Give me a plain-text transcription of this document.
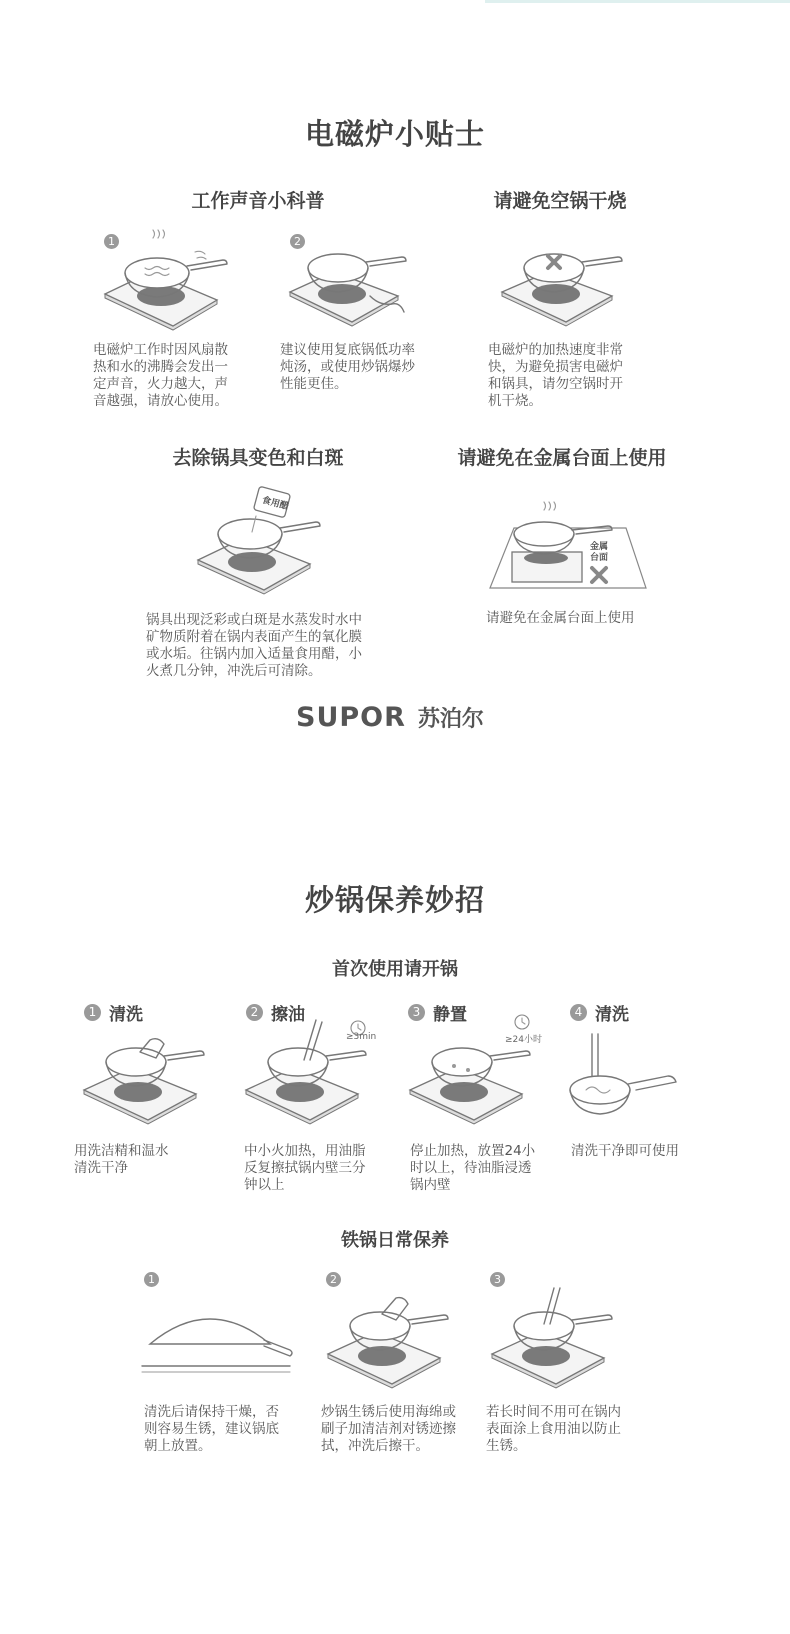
电磁炉小贴士
工作声音小科普	请避免空锅干烧
1
电磁炉工作时因风扇散
热和水的沸腾会发出一
定声音，火力越大，声
音越强，请放心使用。
2
建议使用复底锅低功率
炖汤，或使用炒锅爆炒
性能更佳。
电磁炉的加热速度非常
快，为避免损害电磁炉
和锅具，请勿空锅时开
机干烧。
去除锅具变色和白斑	请避免在金属台面上使用
食用醋
锅具出现泛彩或白斑是水蒸发时水中
矿物质附着在锅内表面产生的氧化膜
或水垢。往锅内加入适量食用醋，小
火煮几分钟，冲洗后可清除。
金属
台面
请避免在金属台面上使用
SUPOR 苏泊尔
炒锅保养妙招
首次使用请开锅
1 清洗	2 擦油	3 静置	4 清洗
≥3min	≥24小时
用洗洁精和温水
清洗干净
中小火加热，用油脂
反复擦拭锅内壁三分
钟以上
停止加热，放置24小
时以上，待油脂浸透
锅内壁
清洗干净即可使用
铁锅日常保养
1	2	3
清洗后请保持干燥，否
则容易生锈，建议锅底
朝上放置。
炒锅生锈后使用海绵或
刷子加清洁剂对锈迹擦
拭，冲洗后擦干。
若长时间不用可在锅内
表面涂上食用油以防止
生锈。
